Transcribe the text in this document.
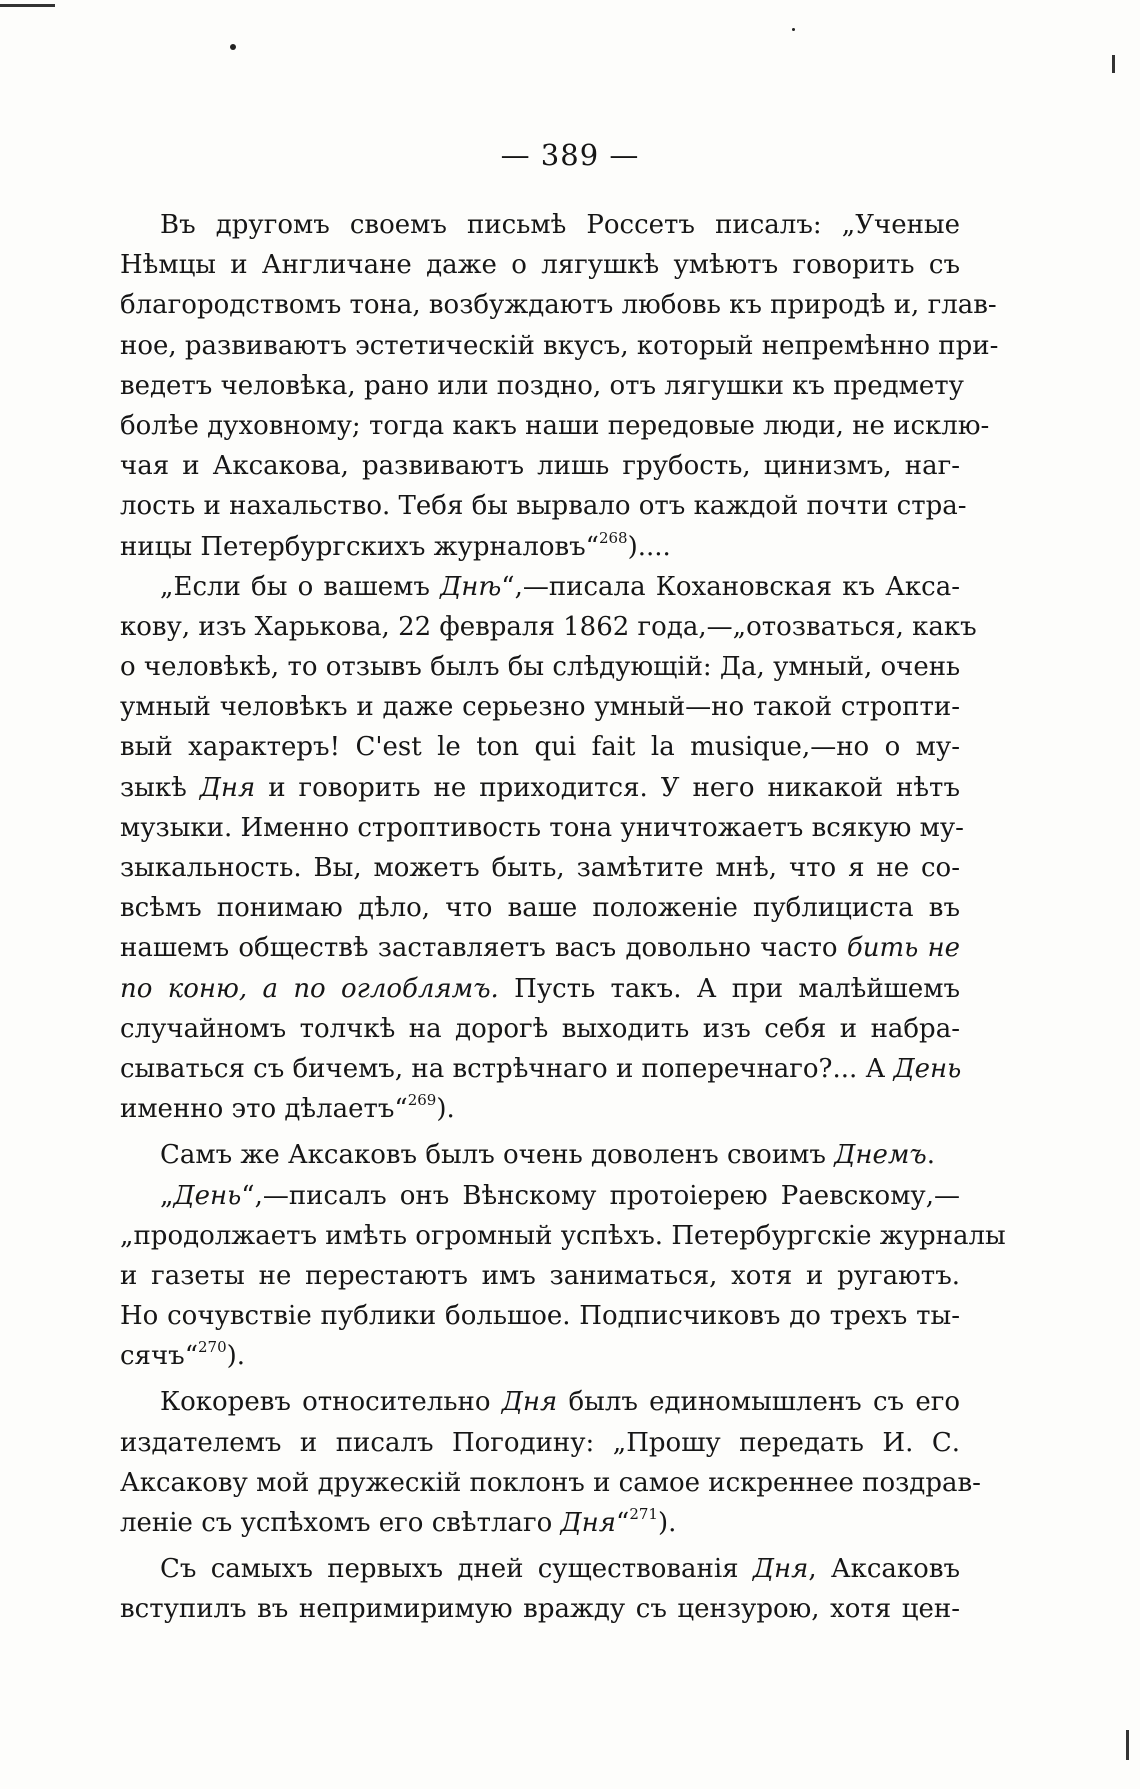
— 389 —
Въ другомъ своемъ письмѣ Россетъ писалъ: „Ученые
Нѣмцы и Англичане даже о лягушкѣ умѣютъ говорить съ
благородствомъ тона, возбуждаютъ любовь къ природѣ и, глав-
ное, развиваютъ эстетическій вкусъ, который непремѣнно при-
ведетъ человѣка, рано или поздно, отъ лягушки къ предмету
болѣе духовному; тогда какъ наши передовые люди, не исклю-
чая и Аксакова, развиваютъ лишь грубость, цинизмъ, наг-
лость и нахальство. Тебя бы вырвало отъ каждой почти стра-
ницы Петербургскихъ журналовъ“$^{268}$)....
„Если бы о вашемъ Днѣ“,—писала Кохановская къ Акса-
кову, изъ Харькова, 22 февраля 1862 года,—„отозваться, какъ
о человѣкѣ, то отзывъ былъ бы слѣдующій: Да, умный, очень
умный человѣкъ и даже серьезно умный—но такой стропти-
вый характеръ! C'est le ton qui fait la musique,—но о му-
зыкѣ Дня и говорить не приходится. У него никакой нѣтъ
музыки. Именно строптивость тона уничтожаетъ всякую му-
зыкальность. Вы, можетъ быть, замѣтите мнѣ, что я не со-
всѣмъ понимаю дѣло, что ваше положеніе публициста въ
нашемъ обществѣ заставляетъ васъ довольно часто бить не
по коню, а по оглоблямъ. Пусть такъ. А при малѣйшемъ
случайномъ толчкѣ на дорогѣ выходить изъ себя и набра-
сываться съ бичемъ, на встрѣчнаго и поперечнаго?... А День
именно это дѣлаетъ“$^{269}$).
Самъ же Аксаковъ былъ очень доволенъ своимъ Днемъ.
„День“,—писалъ онъ Вѣнскому протоіерею Раевскому,—
„продолжаетъ имѣть огромный успѣхъ. Петербургскіе журналы
и газеты не перестаютъ имъ заниматься, хотя и ругаютъ.
Но сочувствіе публики большое. Подписчиковъ до трехъ ты-
сячъ“$^{270}$).
Кокоревъ относительно Дня былъ единомышленъ съ его
издателемъ и писалъ Погодину: „Прошу передать И. С.
Аксакову мой дружескій поклонъ и самое искреннее поздрав-
леніе съ успѣхомъ его свѣтлаго Дня“$^{271}$).
Съ самыхъ первыхъ дней существованія Дня, Аксаковъ
вступилъ въ непримиримую вражду съ цензурою, хотя цен-
